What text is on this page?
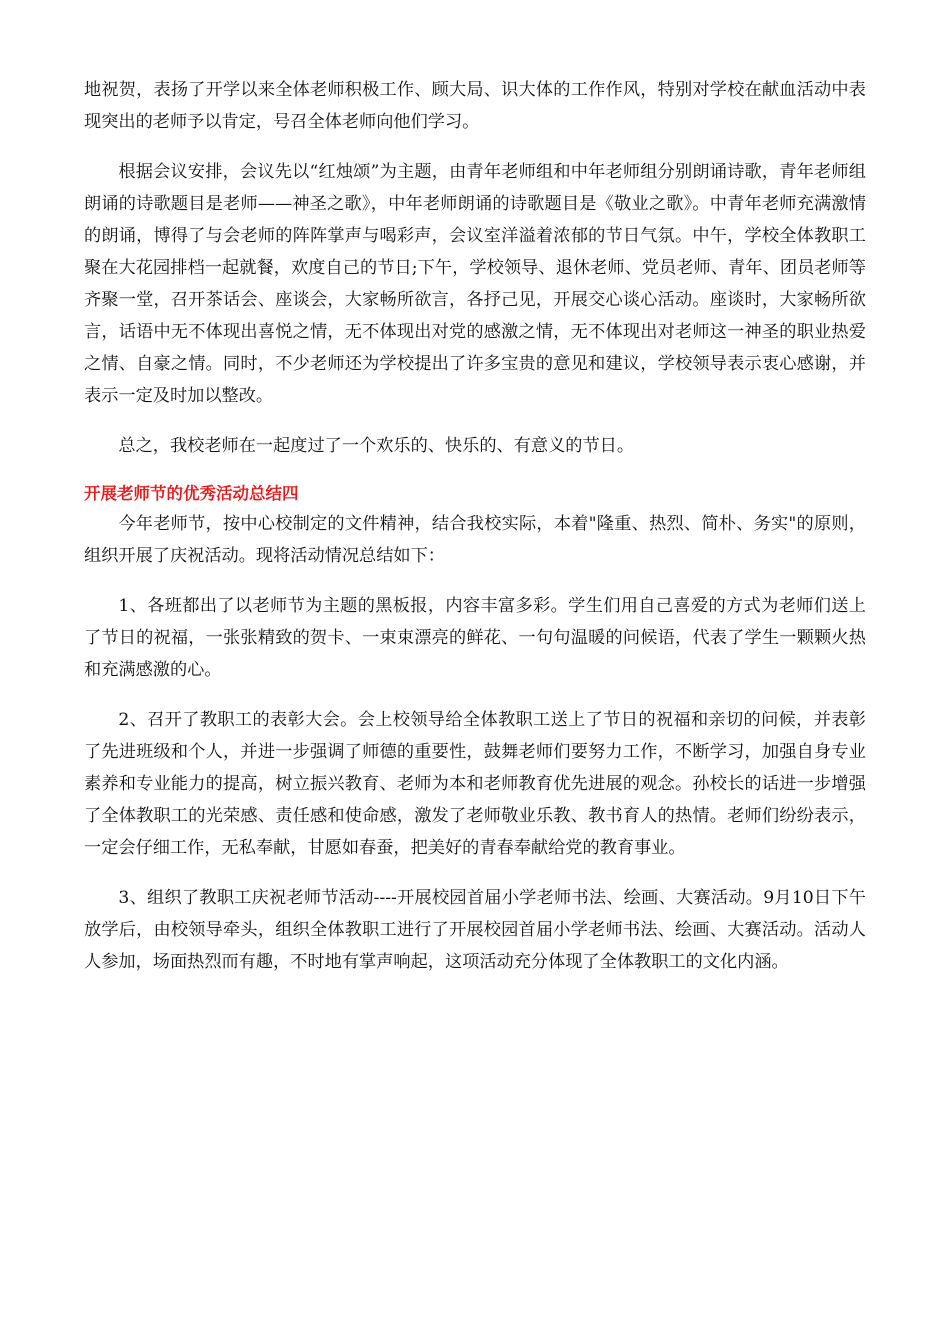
地祝贺，表扬了开学以来全体老师积极工作、顾大局、识大体的工作作风，特别对学校在献血活动中表现突出的老师予以肯定，号召全体老师向他们学习。

根据会议安排，会议先以“红烛颂”为主题，由青年老师组和中年老师组分别朗诵诗歌，青年老师组朗诵的诗歌题目是老师——神圣之歌》，中年老师朗诵的诗歌题目是《敬业之歌》。中青年老师充满激情的朗诵，博得了与会老师的阵阵掌声与喝彩声，会议室洋溢着浓郁的节日气氛。中午，学校全体教职工聚在大花园排档一起就餐，欢度自己的节日;下午，学校领导、退休老师、党员老师、青年、团员老师等齐聚一堂，召开茶话会、座谈会，大家畅所欲言，各抒己见，开展交心谈心活动。座谈时，大家畅所欲言，话语中无不体现出喜悦之情，无不体现出对党的感激之情，无不体现出对老师这一神圣的职业热爱之情、自豪之情。同时，不少老师还为学校提出了许多宝贵的意见和建议，学校领导表示衷心感谢，并表示一定及时加以整改。

总之，我校老师在一起度过了一个欢乐的、快乐的、有意义的节日。

开展老师节的优秀活动总结四

今年老师节，按中心校制定的文件精神，结合我校实际，本着"隆重、热烈、简朴、务实"的原则，组织开展了庆祝活动。现将活动情况总结如下：

1、各班都出了以老师节为主题的黑板报，内容丰富多彩。学生们用自己喜爱的方式为老师们送上了节日的祝福，一张张精致的贺卡、一束束漂亮的鲜花、一句句温暖的问候语，代表了学生一颗颗火热和充满感激的心。

2、召开了教职工的表彰大会。会上校领导给全体教职工送上了节日的祝福和亲切的问候，并表彰了先进班级和个人，并进一步强调了师德的重要性，鼓舞老师们要努力工作，不断学习，加强自身专业素养和专业能力的提高，树立振兴教育、老师为本和老师教育优先进展的观念。孙校长的话进一步增强了全体教职工的光荣感、责任感和使命感，激发了老师敬业乐教、教书育人的热情。老师们纷纷表示，一定会仔细工作，无私奉献，甘愿如春蚕，把美好的青春奉献给党的教育事业。

3、组织了教职工庆祝老师节活动----开展校园首届小学老师书法、绘画、大赛活动。9月10日下午放学后，由校领导牵头，组织全体教职工进行了开展校园首届小学老师书法、绘画、大赛活动。活动人人参加，场面热烈而有趣，不时地有掌声响起，这项活动充分体现了全体教职工的文化内涵。
